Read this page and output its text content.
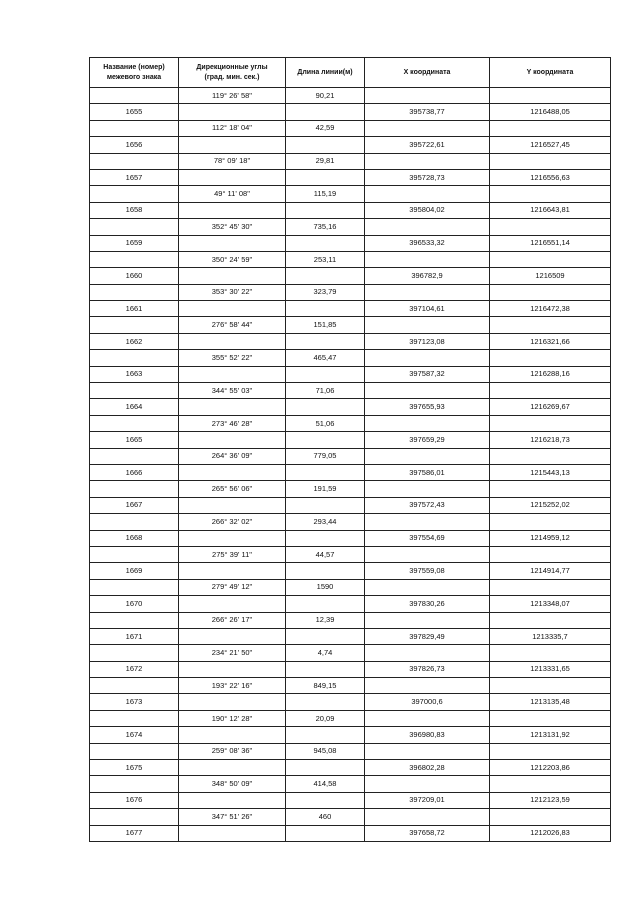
Название (номер)
межевого знака	Дирекционные углы
(град. мин. сек.)	Длина линии(м)	X координата	Y координата
	119° 26' 58"	90,21		
1655			395738,77	1216488,05
	112° 18' 04"	42,59		
1656			395722,61	1216527,45
	78° 09' 18"	29,81		
1657			395728,73	1216556,63
	49° 11' 08"	115,19		
1658			395804,02	1216643,81
	352° 45' 30"	735,16		
1659			396533,32	1216551,14
	350° 24' 59"	253,11		
1660			396782,9	1216509
	353° 30' 22"	323,79		
1661			397104,61	1216472,38
	276° 58' 44"	151,85		
1662			397123,08	1216321,66
	355° 52' 22"	465,47		
1663			397587,32	1216288,16
	344° 55' 03"	71,06		
1664			397655,93	1216269,67
	273° 46' 28"	51,06		
1665			397659,29	1216218,73
	264° 36' 09"	779,05		
1666			397586,01	1215443,13
	265° 56' 06"	191,59		
1667			397572,43	1215252,02
	266° 32' 02"	293,44		
1668			397554,69	1214959,12
	275° 39' 11"	44,57		
1669			397559,08	1214914,77
	279° 49' 12"	1590		
1670			397830,26	1213348,07
	266° 26' 17"	12,39		
1671			397829,49	1213335,7
	234° 21' 50"	4,74		
1672			397826,73	1213331,65
	193° 22' 16"	849,15		
1673			397000,6	1213135,48
	190° 12' 28"	20,09		
1674			396980,83	1213131,92
	259° 08' 36"	945,08		
1675			396802,28	1212203,86
	348° 50' 09"	414,58		
1676			397209,01	1212123,59
	347° 51' 26"	460		
1677			397658,72	1212026,83
